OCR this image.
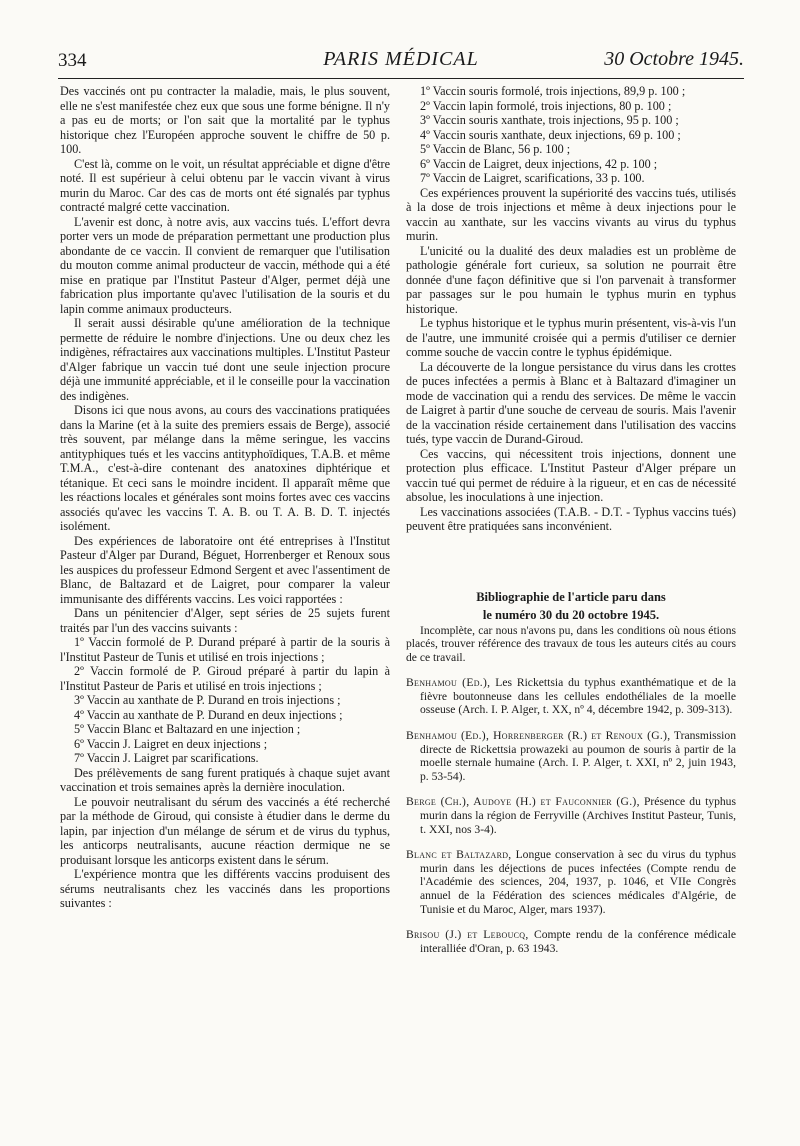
334	PARIS MÉDICAL	30 Octobre 1945.

Des vaccinés ont pu contracter la maladie, mais, le plus souvent, elle ne s'est manifestée chez eux que sous une forme bénigne. Il n'y a pas eu de morts; or l'on sait que la mortalité par le typhus historique chez l'Européen approche souvent le chiffre de 50 p. 100.

C'est là, comme on le voit, un résultat appréciable et digne d'être noté. Il est supérieur à celui obtenu par le vaccin vivant à virus murin du Maroc. Car des cas de morts ont été signalés par typhus contracté malgré cette vaccination.

L'avenir est donc, à notre avis, aux vaccins tués. L'effort devra porter vers un mode de préparation permettant une production plus abondante de ce vaccin. Il convient de remarquer que l'utilisation du mouton comme animal producteur de vaccin, méthode qui a été mise en pratique par l'Institut Pasteur d'Alger, permet déjà une fabrication plus importante qu'avec l'utilisation de la souris et du lapin comme animaux producteurs.

Il serait aussi désirable qu'une amélioration de la technique permette de réduire le nombre d'injections. Une ou deux chez les indigènes, réfractaires aux vaccinations multiples. L'Institut Pasteur d'Alger fabrique un vaccin tué dont une seule injection procure déjà une immunité appréciable, et il le conseille pour la vaccination des indigènes.

Disons ici que nous avons, au cours des vaccinations pratiquées dans la Marine (et à la suite des premiers essais de Berge), associé très souvent, par mélange dans la même seringue, les vaccins antityphiques tués et les vaccins antityphoïdiques, T.A.B. et même T.M.A., c'est-à-dire contenant des anatoxines diphtérique et tétanique. Et ceci sans le moindre incident. Il apparaît même que les réactions locales et générales sont moins fortes avec ces vaccins associés qu'avec les vaccins T. A. B. ou T. A. B. D. T. injectés isolément.

Des expériences de laboratoire ont été entreprises à l'Institut Pasteur d'Alger par Durand, Béguet, Horrenberger et Renoux sous les auspices du professeur Edmond Sergent et avec l'assentiment de Blanc, de Baltazard et de Laigret, pour comparer la valeur immunisante des différents vaccins. Les voici rapportées :

Dans un pénitencier d'Alger, sept séries de 25 sujets furent traités par l'un des vaccins suivants :

1º Vaccin formolé de P. Durand préparé à partir de la souris à l'Institut Pasteur de Tunis et utilisé en trois injections ;

2º Vaccin formolé de P. Giroud préparé à partir du lapin à l'Institut Pasteur de Paris et utilisé en trois injections ;

3º Vaccin au xanthate de P. Durand en trois injections ;

4º Vaccin au xanthate de P. Durand en deux injections ;

5º Vaccin Blanc et Baltazard en une injection ;

6º Vaccin J. Laigret en deux injections ;

7º Vaccin J. Laigret par scarifications.

Des prélèvements de sang furent pratiqués à chaque sujet avant vaccination et trois semaines après la dernière inoculation.

Le pouvoir neutralisant du sérum des vaccinés a été recherché par la méthode de Giroud, qui consiste à étudier dans le derme du lapin, par injection d'un mélange de sérum et de virus du typhus, les anticorps neutralisants, aucune réaction dermique ne se produisant lorsque les anticorps existent dans le sérum.

L'expérience montra que les différents vaccins produisent des sérums neutralisants chez les vaccinés dans les proportions suivantes :

1º Vaccin souris formolé, trois injections, 89,9 p. 100 ;

2º Vaccin lapin formolé, trois injections, 80 p. 100 ;

3º Vaccin souris xanthate, trois injections, 95 p. 100 ;

4º Vaccin souris xanthate, deux injections, 69 p. 100 ;

5º Vaccin de Blanc, 56 p. 100 ;

6º Vaccin de Laigret, deux injections, 42 p. 100 ;

7º Vaccin de Laigret, scarifications, 33 p. 100.

Ces expériences prouvent la supériorité des vaccins tués, utilisés à la dose de trois injections et même à deux injections pour le vaccin au xanthate, sur les vaccins vivants au virus du typhus murin.

L'unicité ou la dualité des deux maladies est un problème de pathologie générale fort curieux, sa solution ne pourrait être donnée d'une façon définitive que si l'on parvenait à transformer par passages sur le pou humain le typhus murin en typhus historique.

Le typhus historique et le typhus murin présentent, vis-à-vis l'un de l'autre, une immunité croisée qui a permis d'utiliser ce dernier comme souche de vaccin contre le typhus épidémique.

La découverte de la longue persistance du virus dans les crottes de puces infectées a permis à Blanc et à Baltazard d'imaginer un mode de vaccination qui a rendu des services. De même le vaccin de Laigret à partir d'une souche de cerveau de souris. Mais l'avenir de la vaccination réside certainement dans l'utilisation des vaccins tués, type vaccin de Durand-Giroud.

Ces vaccins, qui nécessitent trois injections, donnent une protection plus efficace. L'Institut Pasteur d'Alger prépare un vaccin tué qui permet de réduire à la rigueur, et en cas de nécessité absolue, les inoculations à une injection.

Les vaccinations associées (T.A.B. - D.T. - Typhus vaccins tués) peuvent être pratiquées sans inconvénient.

Bibliographie de l'article paru dans
le numéro 30 du 20 octobre 1945.

Incomplète, car nous n'avons pu, dans les conditions où nous étions placés, trouver référence des travaux de tous les auteurs cités au cours de ce travail.

Benhamou (Ed.), Les Rickettsia du typhus exanthématique et de la fièvre boutonneuse dans les cellules endothéliales de la moelle osseuse (Arch. I. P. Alger, t. XX, nº 4, décembre 1942, p. 309-313).

Benhamou (Ed.), Horrenberger (R.) et Renoux (G.), Transmission directe de Rickettsia prowazeki au poumon de souris à partir de la moelle sternale humaine (Arch. I. P. Alger, t. XXI, nº 2, juin 1943, p. 53-54).

Berge (Ch.), Audoye (H.) et Fauconnier (G.), Présence du typhus murin dans la région de Ferryville (Archives Institut Pasteur, Tunis, t. XXI, nos 3-4).

Blanc et Baltazard, Longue conservation à sec du virus du typhus murin dans les déjections de puces infectées (Compte rendu de l'Académie des sciences, 204, 1937, p. 1046, et VIIe Congrès annuel de la Fédération des sciences médicales d'Algérie, de Tunisie et du Maroc, Alger, mars 1937).

Brisou (J.) et Leboucq, Compte rendu de la conférence médicale interalliée d'Oran, p. 63 1943.
